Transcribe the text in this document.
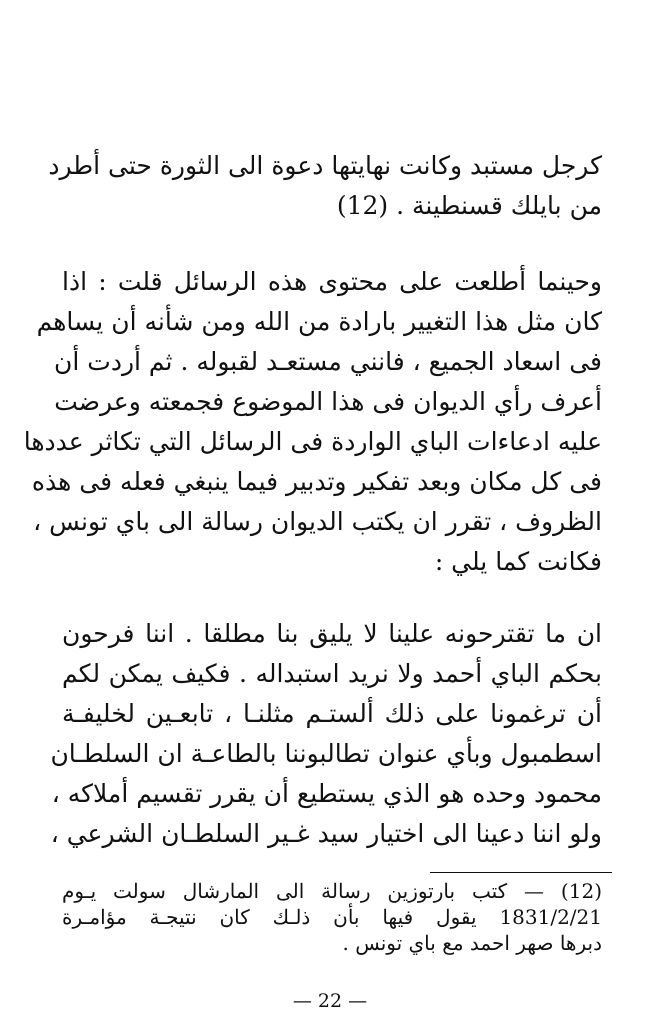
كرجل مستبد وكانت نهايتها دعوة الى الثورة حتى أطرد
من بايلك قسنطينة . (12)
وحينما أطلعت على محتوى هذه الرسائل قلت : اذا
كان مثل هذا التغيير بارادة من الله ومن شأنه أن يساهم
فى اسعاد الجميع ، فانني مستعـد لقبوله . ثم أردت أن
أعرف رأي الديوان فى هذا الموضوع فجمعته وعرضت
عليه ادعاءات الباي الواردة فى الرسائل التي تكاثر عددها
فى كل مكان وبعد تفكير وتدبير فيما ينبغي فعله فى هذه
الظروف ، تقرر ان يكتب الديوان رسالة الى باي تونس ،
فكانت كما يلي :
ان ما تقترحونه علينا لا يليق بنا مطلقا . اننا فرحون
بحكم الباي أحمد ولا نريد استبداله . فكيف يمكن لكم
أن ترغمونا على ذلك ألستـم مثلنـا ، تابعـين لخليفـة
اسطمبول وبأي عنوان تطالبوننا بالطاعـة ان السلطـان
محمود وحده هو الذي يستطيع أن يقرر تقسيم أملاكه ،
ولو اننا دعينا الى اختيار سيد غـير السلطـان الشرعي ،
(12) — كتب بارتوزين رسالة الى المارشال سولت يـوم
1831/2/21 يقول فيها بأن ذلـك كان نتيجـة مؤامـرة
دبرها صهر احمد مع باي تونس .
— 22 —
